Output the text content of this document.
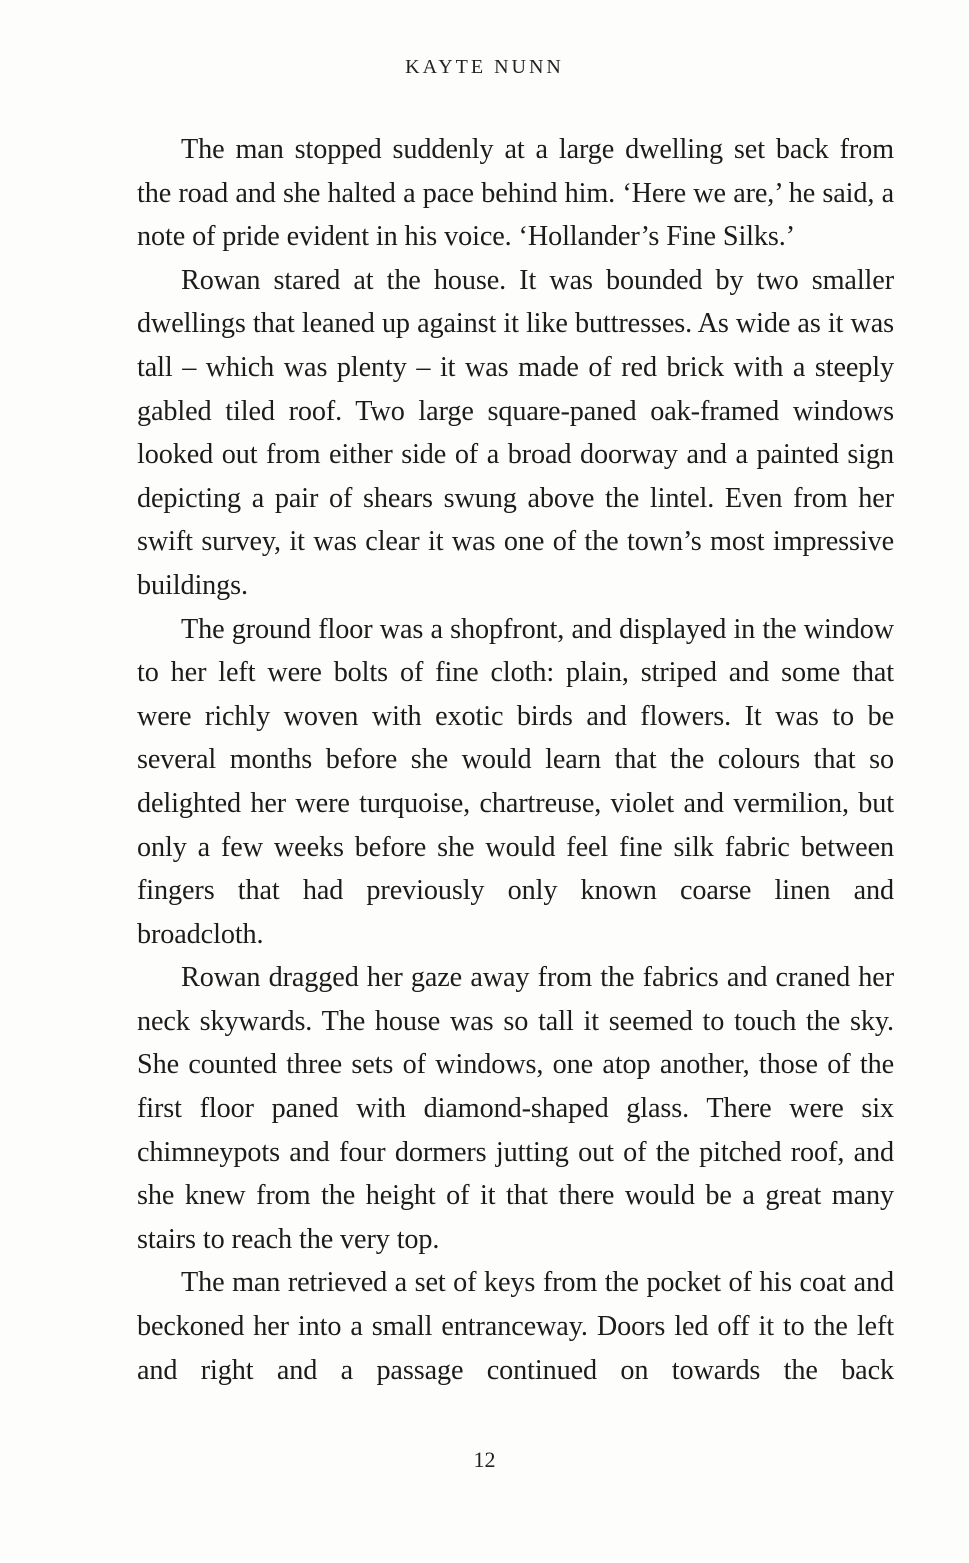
KAYTE NUNN

The man stopped suddenly at a large dwelling set back from the road and she halted a pace behind him. ‘Here we are,’ he said, a note of pride evident in his voice. ‘Hollander’s Fine Silks.’

Rowan stared at the house. It was bounded by two smaller dwellings that leaned up against it like buttresses. As wide as it was tall – which was plenty – it was made of red brick with a steeply gabled tiled roof. Two large square-paned oak-framed windows looked out from either side of a broad doorway and a painted sign depicting a pair of shears swung above the lintel. Even from her swift survey, it was clear it was one of the town’s most impressive buildings.

The ground floor was a shopfront, and displayed in the window to her left were bolts of fine cloth: plain, striped and some that were richly woven with exotic birds and flowers. It was to be several months before she would learn that the colours that so delighted her were turquoise, chartreuse, violet and vermilion, but only a few weeks before she would feel fine silk fabric between fingers that had previously only known coarse linen and broadcloth.

Rowan dragged her gaze away from the fabrics and craned her neck skywards. The house was so tall it seemed to touch the sky. She counted three sets of windows, one atop another, those of the first floor paned with diamond-shaped glass. There were six chimneypots and four dormers jutting out of the pitched roof, and she knew from the height of it that there would be a great many stairs to reach the very top.

The man retrieved a set of keys from the pocket of his coat and beckoned her into a small entranceway. Doors led off it to the left and right and a passage continued on towards the back

12
